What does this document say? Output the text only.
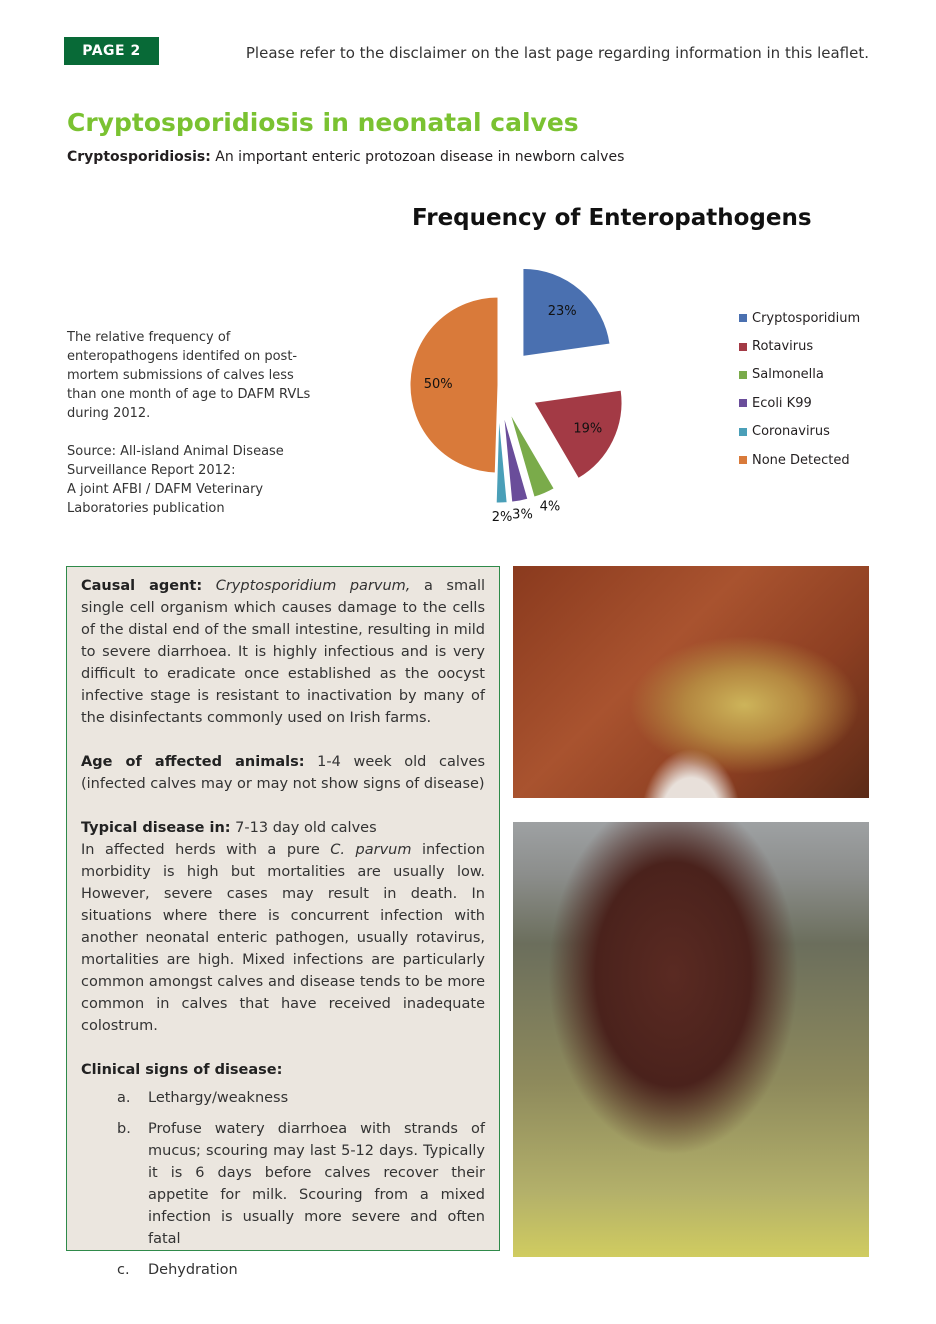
PAGE 2	Please refer to the disclaimer on the last page regarding information in this leaflet.
Cryptosporidiosis in neonatal calves
Cryptosporidiosis: An important enteric protozoan disease in newborn calves
Frequency of Enteropathogens
The relative frequency of enteropathogens identifed on post-mortem submissions of calves less than one month of age to DAFM RVLs during 2012.

Source: All-island Animal Disease Surveillance Report 2012:
A joint AFBI / DAFM Veterinary Laboratories publication
23%
19%
4%
3%
2%
50%
Cryptosporidium
Rotavirus
Salmonella
Ecoli K99
Coronavirus
None Detected

Causal agent: Cryptosporidium parvum, a small single cell organism which causes damage to the cells of the distal end of the small intestine, resulting in mild to severe diarrhoea. It is highly infectious and is very difficult to eradicate once established as the oocyst infective stage is resistant to inactivation by many of the disinfectants commonly used on Irish farms.

Age of affected animals: 1-4 week old calves (infected calves may or may not show signs of disease)

Typical disease in: 7-13 day old calves
In affected herds with a pure C. parvum infection morbidity is high but mortalities are usually low. However, severe cases may result in death. In situations where there is concurrent infection with another neonatal enteric pathogen, usually rotavirus, mortalities are high. Mixed infections are particularly common amongst calves and disease tends to be more common in calves that have received inadequate colostrum.

Clinical signs of disease:
a.	Lethargy/weakness
b.	Profuse watery diarrhoea with strands of mucus; scouring may last 5-12 days. Typically it is 6 days before calves recover their appetite for milk. Scouring from a mixed infection is usually more severe and often fatal
c.	Dehydration
